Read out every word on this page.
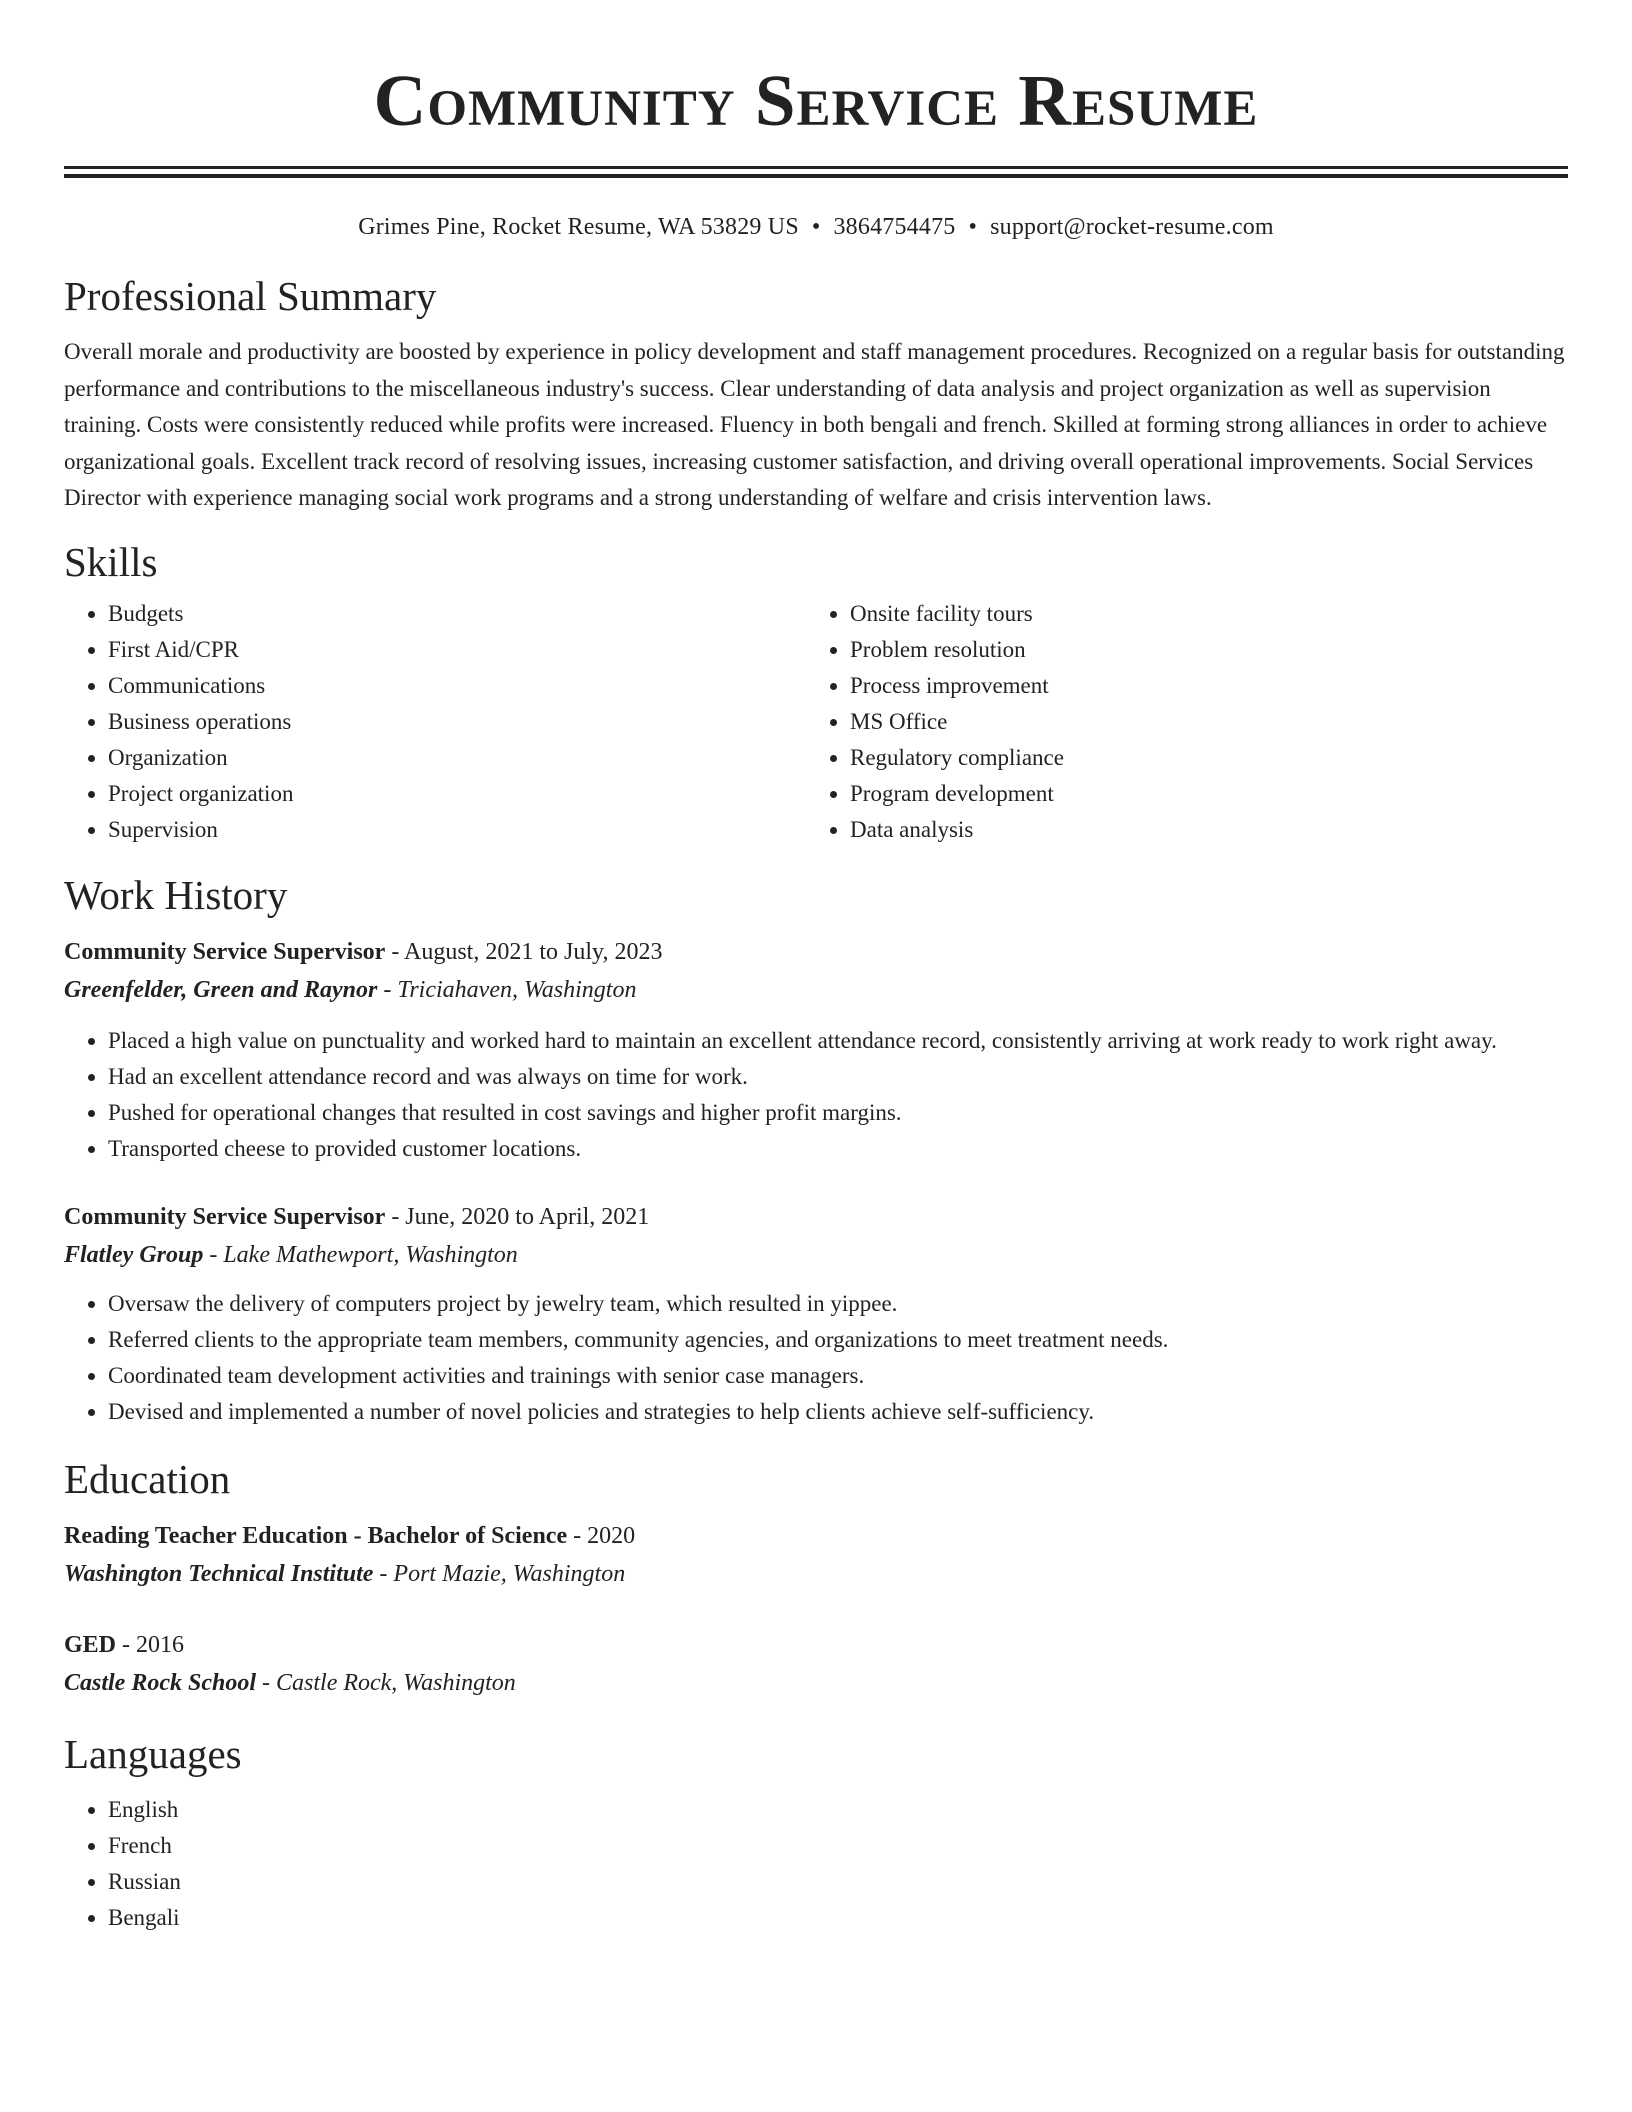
Community Service Resume
Grimes Pine, Rocket Resume, WA 53829 US • 3864754475 • support@rocket-resume.com
Professional Summary

Overall morale and productivity are boosted by experience in policy development and staff management procedures. Recognized on a regular basis for outstanding performance and contributions to the miscellaneous industry's success. Clear understanding of data analysis and project organization as well as supervision training. Costs were consistently reduced while profits were increased. Fluency in both bengali and french. Skilled at forming strong alliances in order to achieve organizational goals. Excellent track record of resolving issues, increasing customer satisfaction, and driving overall operational improvements. Social Services Director with experience managing social work programs and a strong understanding of welfare and crisis intervention laws.

Skills
• Budgets
• First Aid/CPR
• Communications
• Business operations
• Organization
• Project organization
• Supervision
• Onsite facility tours
• Problem resolution
• Process improvement
• MS Office
• Regulatory compliance
• Program development
• Data analysis
Work History
Community Service Supervisor - August, 2021 to July, 2023
Greenfelder, Green and Raynor - Triciahaven, Washington
• Placed a high value on punctuality and worked hard to maintain an excellent attendance record, consistently arriving at work ready to work right away.
• Had an excellent attendance record and was always on time for work.
• Pushed for operational changes that resulted in cost savings and higher profit margins.
• Transported cheese to provided customer locations.
Community Service Supervisor - June, 2020 to April, 2021
Flatley Group - Lake Mathewport, Washington
• Oversaw the delivery of computers project by jewelry team, which resulted in yippee.
• Referred clients to the appropriate team members, community agencies, and organizations to meet treatment needs.
• Coordinated team development activities and trainings with senior case managers.
• Devised and implemented a number of novel policies and strategies to help clients achieve self-sufficiency.
Education
Reading Teacher Education - Bachelor of Science - 2020
Washington Technical Institute - Port Mazie, Washington
GED - 2016
Castle Rock School - Castle Rock, Washington
Languages
• English
• French
• Russian
• Bengali
